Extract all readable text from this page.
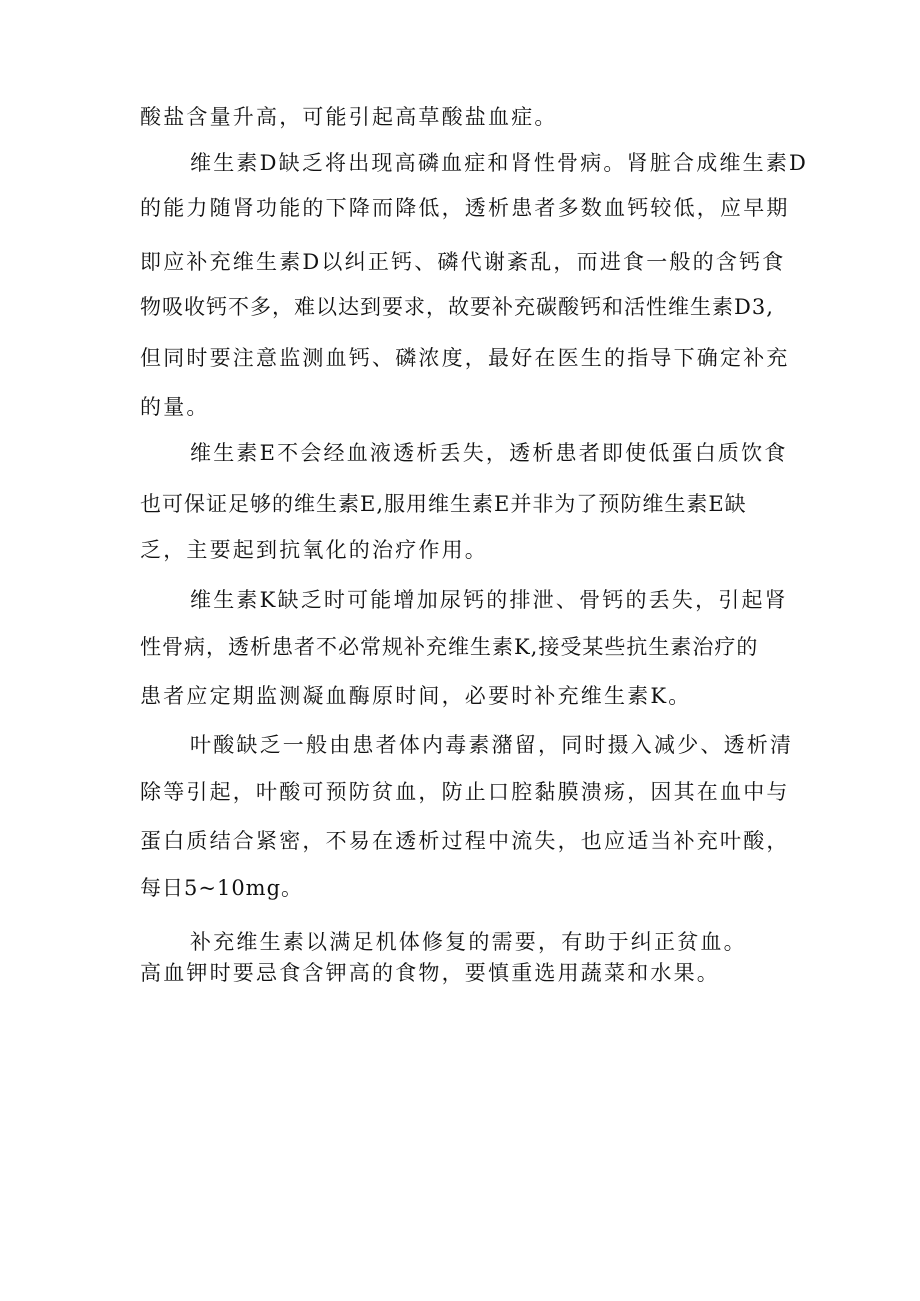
酸盐含量升高，可能引起高草酸盐血症。
维生素D缺乏将出现高磷血症和肾性骨病。肾脏合成维生素D
的能力随肾功能的下降而降低，透析患者多数血钙较低，应早期
即应补充维生素D以纠正钙、磷代谢紊乱，而进食一般的含钙食
物吸收钙不多，难以达到要求，故要补充碳酸钙和活性维生素D3,
但同时要注意监测血钙、磷浓度，最好在医生的指导下确定补充
的量。
维生素E不会经血液透析丢失，透析患者即使低蛋白质饮食
也可保证足够的维生素E,服用维生素E并非为了预防维生素E缺
乏，主要起到抗氧化的治疗作用。
维生素K缺乏时可能增加尿钙的排泄、骨钙的丢失，引起肾
性骨病，透析患者不必常规补充维生素K,接受某些抗生素治疗的
患者应定期监测凝血酶原时间，必要时补充维生素K。
叶酸缺乏一般由患者体内毒素潴留，同时摄入减少、透析清
除等引起，叶酸可预防贫血，防止口腔黏膜溃疡，因其在血中与
蛋白质结合紧密，不易在透析过程中流失，也应适当补充叶酸，
每日5~10mg。
补充维生素以满足机体修复的需要，有助于纠正贫血。
高血钾时要忌食含钾高的食物，要慎重选用蔬菜和水果。
